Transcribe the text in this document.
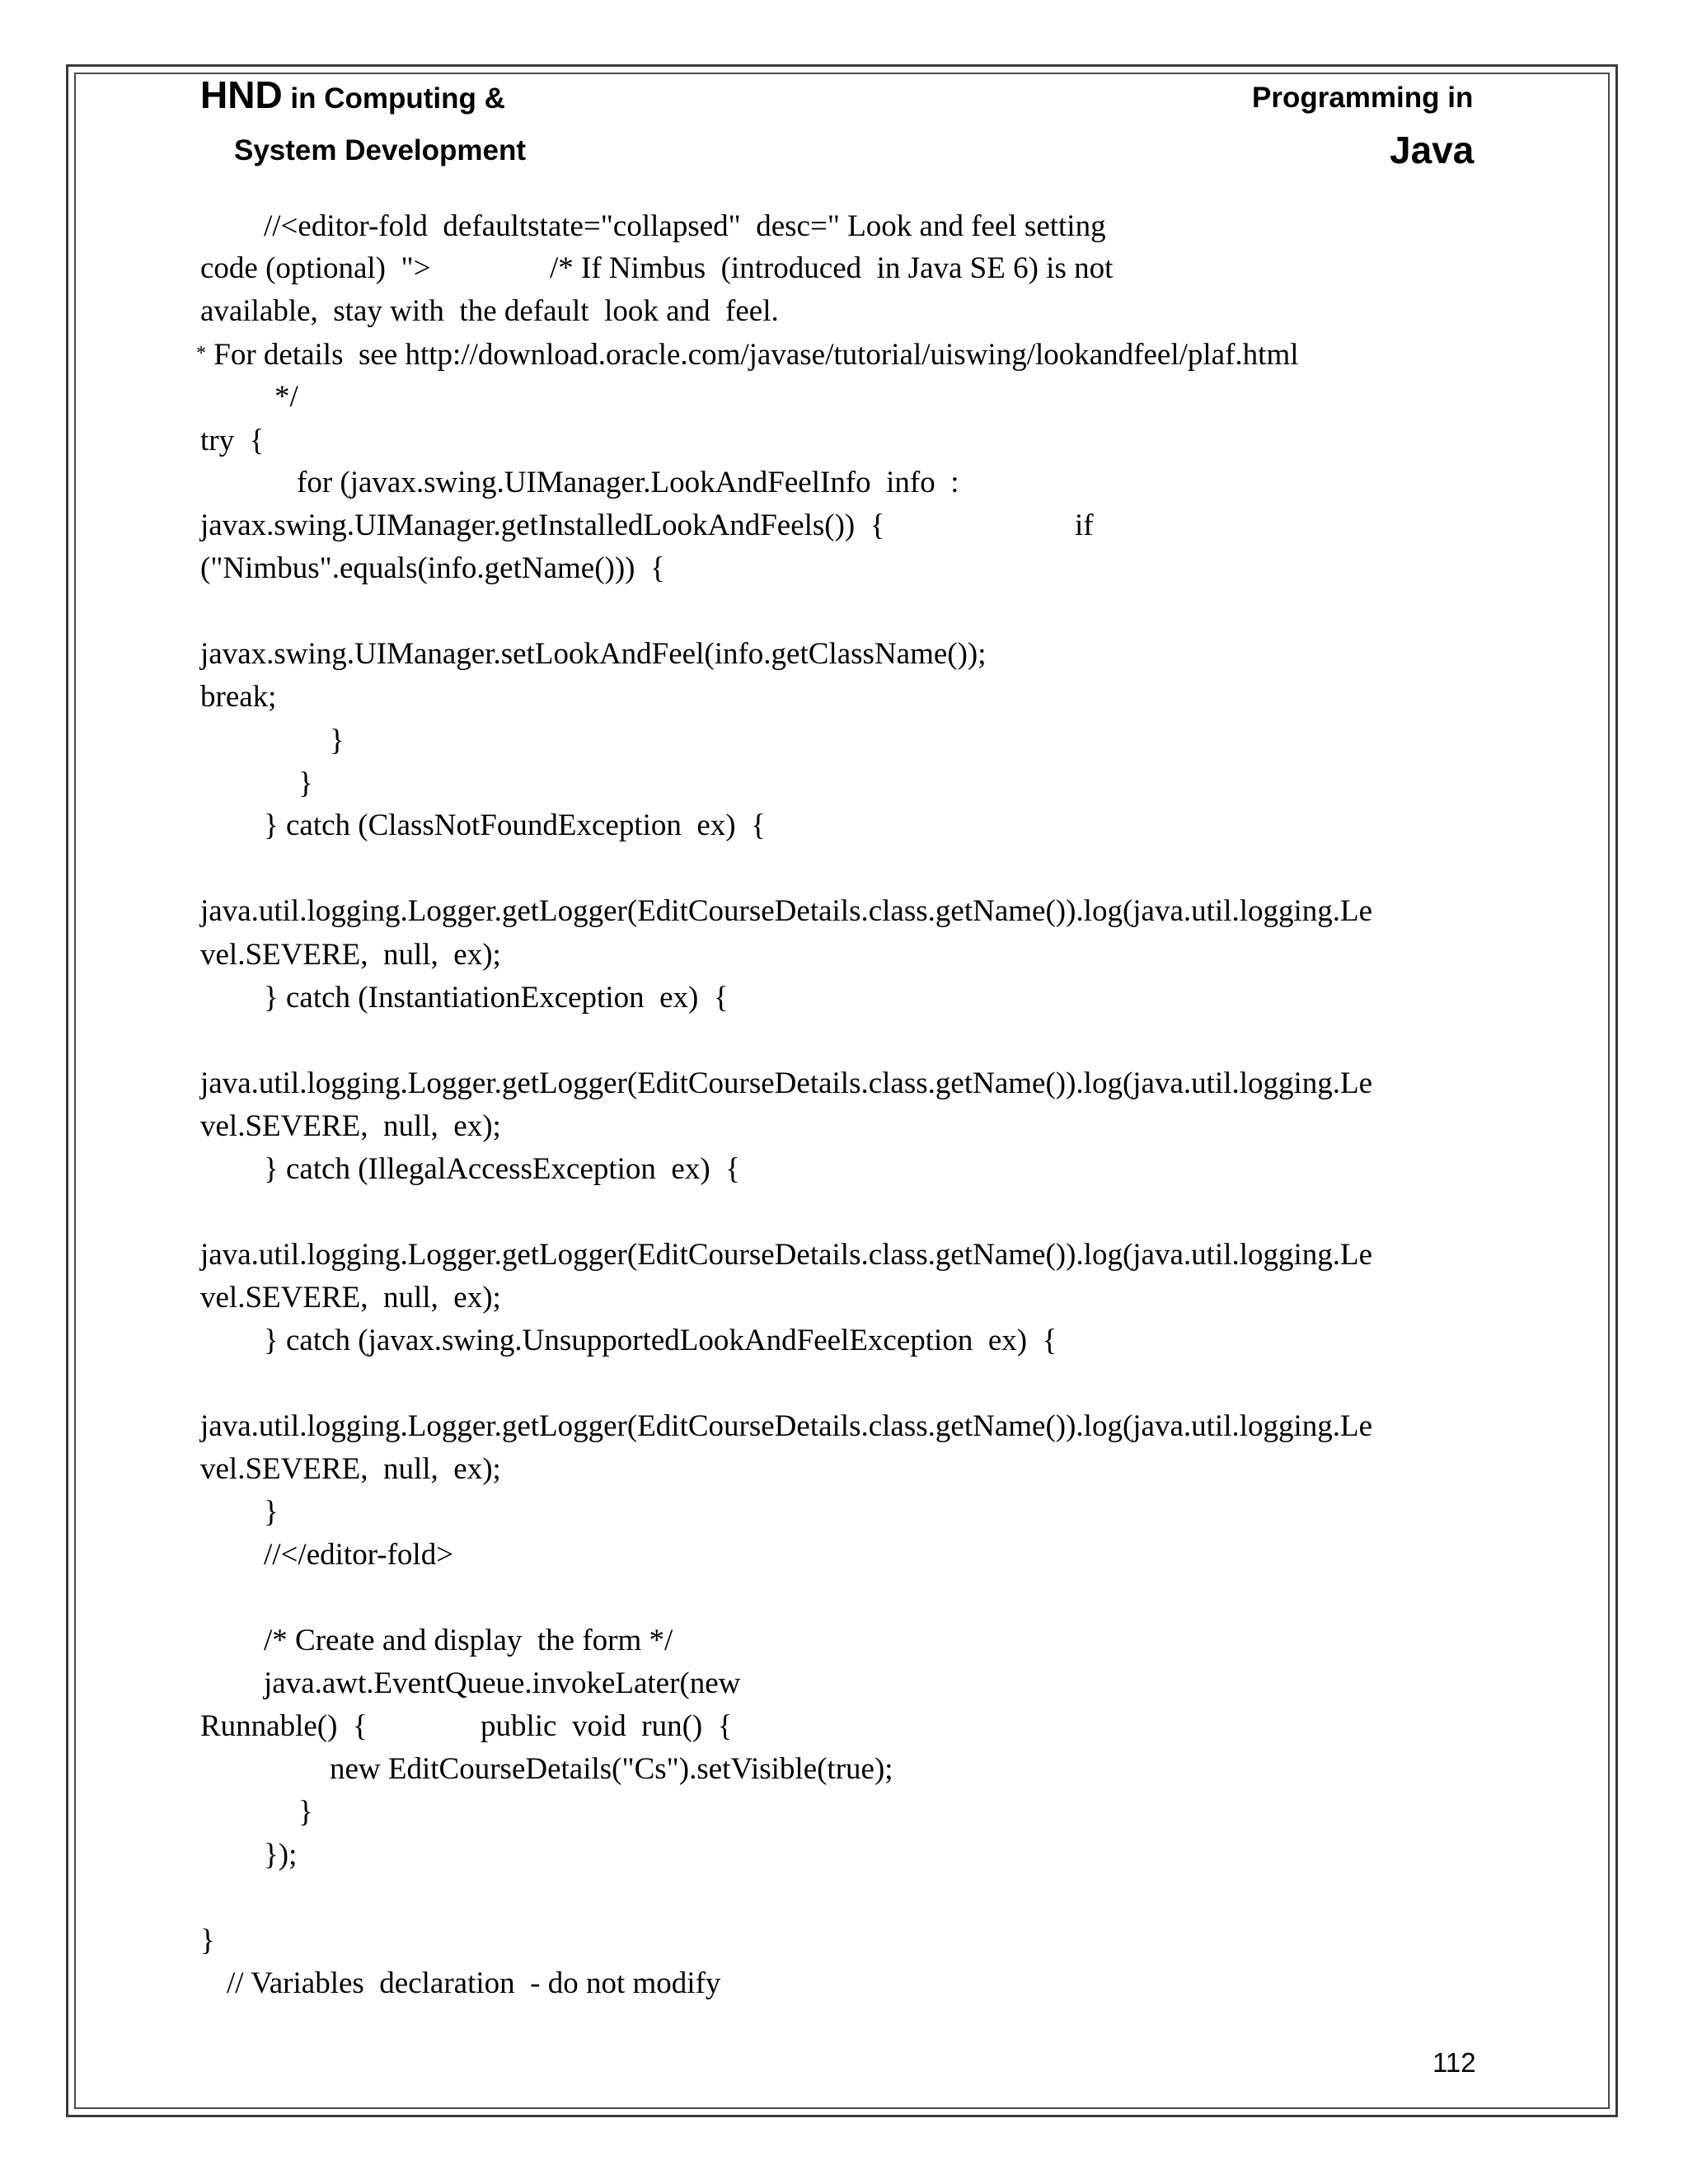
HND in Computing &
System Development
Programming in
Java
//<editor-fold  defaultstate="collapsed"  desc=" Look and feel setting
code (optional)  ">	/* If Nimbus  (introduced  in Java SE 6) is not
available,  stay with  the default  look and  feel.
* For details  see http://download.oracle.com/javase/tutorial/uiswing/lookandfeel/plaf.html
*/
try  {
for (javax.swing.UIManager.LookAndFeelInfo  info  :
javax.swing.UIManager.getInstalledLookAndFeels())  {	if
("Nimbus".equals(info.getName()))  {
javax.swing.UIManager.setLookAndFeel(info.getClassName());
break;
}
}
} catch (ClassNotFoundException  ex)  {
java.util.logging.Logger.getLogger(EditCourseDetails.class.getName()).log(java.util.logging.Le
vel.SEVERE,  null,  ex);
} catch (InstantiationException  ex)  {
java.util.logging.Logger.getLogger(EditCourseDetails.class.getName()).log(java.util.logging.Le
vel.SEVERE,  null,  ex);
} catch (IllegalAccessException  ex)  {
java.util.logging.Logger.getLogger(EditCourseDetails.class.getName()).log(java.util.logging.Le
vel.SEVERE,  null,  ex);
} catch (javax.swing.UnsupportedLookAndFeelException  ex)  {
java.util.logging.Logger.getLogger(EditCourseDetails.class.getName()).log(java.util.logging.Le
vel.SEVERE,  null,  ex);
}
//</editor-fold>
/* Create and display  the form */
java.awt.EventQueue.invokeLater(new
Runnable()  {	public  void  run()  {
new EditCourseDetails("Cs").setVisible(true);
}
});
}
// Variables  declaration  - do not modify
112
